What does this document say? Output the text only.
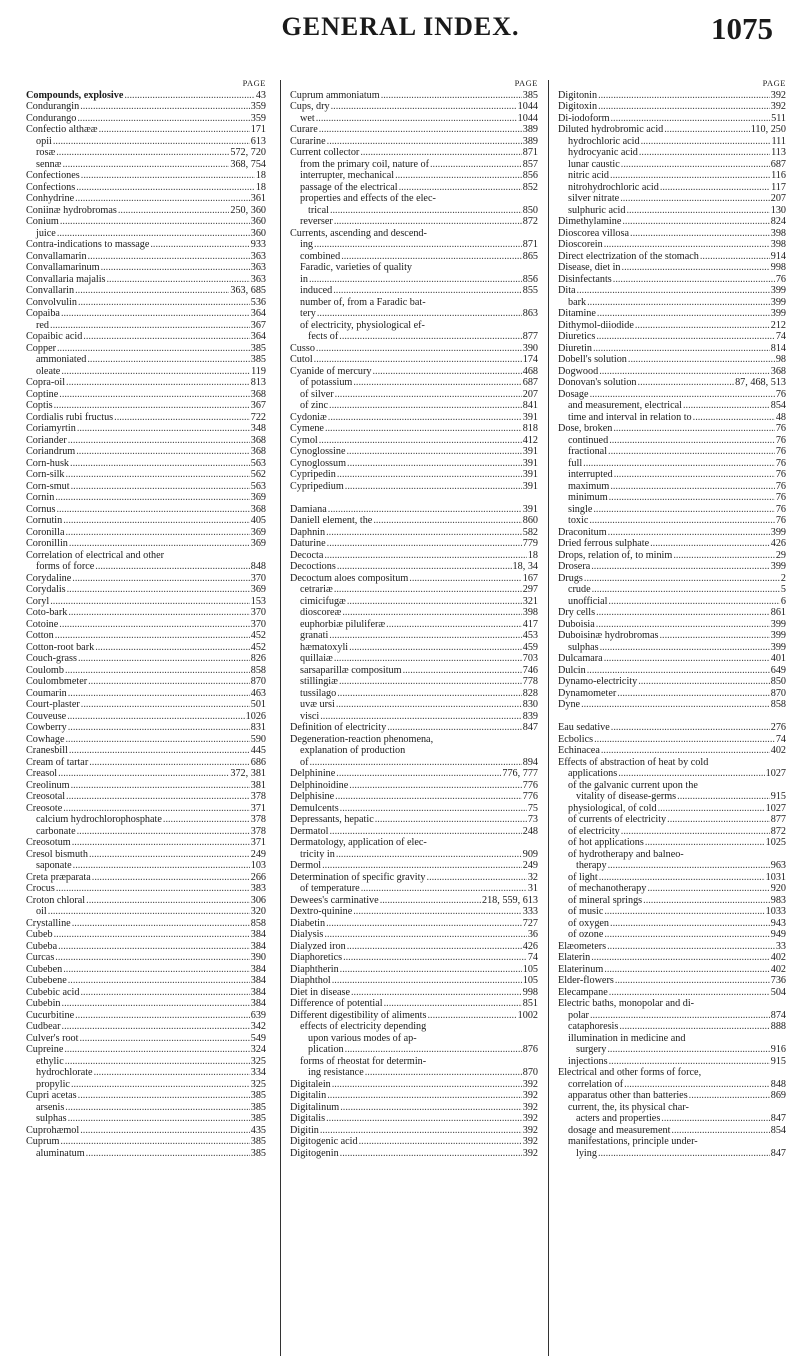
GENERAL INDEX.	1075
PAGE
Compounds, explosive .....	43
Condurangin .....	359
Condurango .....	359
Confectio althææ .....	171
opii .....	613
rosæ .....	572, 720
sennæ .....	368, 754
Confectiones .....	18
Confections .....	18
Conhydrine .....	361
Coniinæ hydrobromas .....	250, 360
Conium .....	360
juice .....	360
Contra-indications to massage .....	933
Convallamarin .....	363
Convallamarinum .....	363
Convallaria majalis .....	363
Convallarin .....	363, 685
Convolvulin .....	536
Copaiba .....	364
red .....	367
Copaibic acid .....	364
Copper .....	385
ammoniated .....	385
oleate .....	119
Copra-oil .....	813
Coptine .....	368
Coptis .....	367
Cordialis rubi fructus .....	722
Coriamyrtin .....	348
Coriander .....	368
Coriandrum .....	368
Corn-husk .....	563
Corn-silk .....	562
Corn-smut .....	563
Cornin .....	369
Cornus .....	368
Cornutin .....	405
Coronilla .....	369
Coronillin .....	369
Correlation of electrical and other
forms of force .....	848
Corydaline .....	370
Corydalis .....	369
Coryl .....	153
Coto-bark .....	370
Cotoine .....	370
Cotton .....	452
Cotton-root bark .....	452
Couch-grass .....	826
Coulomb .....	858
Coulombmeter .....	870
Coumarin .....	463
Court-plaster .....	501
Couveuse .....	1026
Cowberry .....	831
Cowhage .....	590
Cranesbill .....	445
Cream of tartar .....	686
Creasol .....	372, 381
Creolinum .....	381
Creosotal .....	378
Creosote .....	371
calcium hydrochlorophosphate .....	378
carbonate .....	378
Creosotum .....	371
Cresol bismuth .....	249
saponate .....	103
Creta præparata .....	266
Crocus .....	383
Croton chloral .....	306
oil .....	320
Crystalline .....	858
Cubeb .....	384
Cubeba .....	384
Curcas .....	390
Cubeben .....	384
Cubebene .....	384
Cubebic acid .....	384
Cubebin .....	384
Cucurbitine .....	639
Cudbear .....	342
Culver's root .....	549
Cupreine .....	324
ethylic .....	325
hydrochlorate .....	334
propylic .....	325
Cupri acetas .....	385
arsenis .....	385
sulphas .....	385
Cuprohæmol .....	435
Cuprum .....	385
aluminatum .....	385
PAGE
Cuprum ammoniatum .....	385
Cups, dry .....	1044
wet .....	1044
Curare .....	389
Curarine .....	389
Current collector .....	871
from the primary coil, nature of .....	857
interrupter, mechanical .....	856
passage of the electrical .....	852
properties and effects of the elec-
trical .....	850
reverser .....	872
Currents, ascending and descend-
ing .....	871
combined .....	865
Faradic, varieties of quality
in .....	856
induced .....	855
number of, from a Faradic bat-
tery .....	863
of electricity, physiological ef-
fects of .....	877
Cusso .....	390
Cutol .....	174
Cyanide of mercury .....	468
of potassium .....	687
of silver .....	207
of zinc .....	841
Cydoniæ .....	391
Cymene .....	818
Cymol .....	412
Cynoglossine .....	391
Cynoglossum .....	391
Cypripedin .....	391
Cypripedium .....	391
Damiana .....	391
Daniell element, the .....	860
Daphnin .....	582
Daturine .....	779
Decocta .....	18
Decoctions .....	18, 34
Decoctum aloes compositum .....	167
cetrariæ .....	297
cimicifugæ .....	321
dioscoreæ .....	398
euphorbiæ piluliferæ .....	417
granati .....	453
hæmatoxyli .....	459
quillaiæ .....	703
sarsaparillæ compositum .....	746
stillingiæ .....	778
tussilago .....	828
uvæ ursi .....	830
visci .....	839
Definition of electricity .....	847
Degeneration-reaction phenomena,
explanation of production
of .....	894
Delphinine .....	776, 777
Delphinoidine .....	776
Delphisine .....	776
Demulcents .....	75
Depressants, hepatic .....	73
Dermatol .....	248
Dermatology, application of elec-
tricity in .....	909
Dermol .....	249
Determination of specific gravity .....	32
of temperature .....	31
Dewees's carminative .....	218, 559, 613
Dextro-quinine .....	333
Diabetin .....	727
Dialysis .....	36
Dialyzed iron .....	426
Diaphoretics .....	74
Diaphtherin .....	105
Diaphthol .....	105
Diet in disease .....	998
Difference of potential .....	851
Different digestibility of aliments .....	1002
effects of electricity depending
upon various modes of ap-
plication .....	876
forms of rheostat for determin-
ing resistance .....	870
Digitalein .....	392
Digitalin .....	392
Digitalinum .....	392
Digitalis .....	392
Digitin .....	392
Digitogenic acid .....	392
Digitogenin .....	392
PAGE
Digitonin .....	392
Digitoxin .....	392
Di-iodoform .....	511
Diluted hydrobromic acid .....	110, 250
hydrochloric acid .....	111
hydrocyanic acid .....	113
lunar caustic .....	687
nitric acid .....	116
nitrohydrochloric acid .....	117
silver nitrate .....	207
sulphuric acid .....	130
Dimethylamine .....	824
Dioscorea villosa .....	398
Dioscorein .....	398
Direct electrization of the stomach .....	914
Disease, diet in .....	998
Disinfectants .....	76
Dita .....	399
bark .....	399
Ditamine .....	399
Dithymol-diiodide .....	212
Diuretics .....	74
Diuretin .....	814
Dobell's solution .....	98
Dogwood .....	368
Donovan's solution .....	87, 468, 513
Dosage .....	76
and measurement, electrical .....	854
time and interval in relation to .....	48
Dose, broken .....	76
continued .....	76
fractional .....	76
full .....	76
interrupted .....	76
maximum .....	76
minimum .....	76
single .....	76
toxic .....	76
Draconitum .....	399
Dried ferrous sulphate .....	426
Drops, relation of, to minim .....	29
Drosera .....	399
Drugs .....	2
crude .....	5
unofficial .....	6
Dry cells .....	861
Duboisia .....	399
Duboisinæ hydrobromas .....	399
sulphas .....	399
Dulcamara .....	401
Dulcin .....	649
Dynamo-electricity .....	850
Dynamometer .....	870
Dyne .....	858
Eau sedative .....	276
Ecbolics .....	74
Echinacea .....	402
Effects of abstraction of heat by cold
applications .....	1027
of the galvanic current upon the
vitality of disease-germs .....	915
physiological, of cold .....	1027
of currents of electricity .....	877
of electricity .....	872
of hot applications .....	1025
of hydrotherapy and balneo-
therapy .....	963
of light .....	1031
of mechanotherapy .....	920
of mineral springs .....	983
of music .....	1033
of oxygen .....	943
of ozone .....	949
Elæometers .....	33
Elaterin .....	402
Elaterinum .....	402
Elder-flowers .....	736
Elecampane .....	504
Electric baths, monopolar and di-
polar .....	874
cataphoresis .....	888
illumination in medicine and
surgery .....	916
injections .....	915
Electrical and other forms of force,
correlation of .....	848
apparatus other than batteries .....	869
current, the, its physical char-
acters and properties .....	847
dosage and measurement .....	854
manifestations, principle under-
lying .....	847
